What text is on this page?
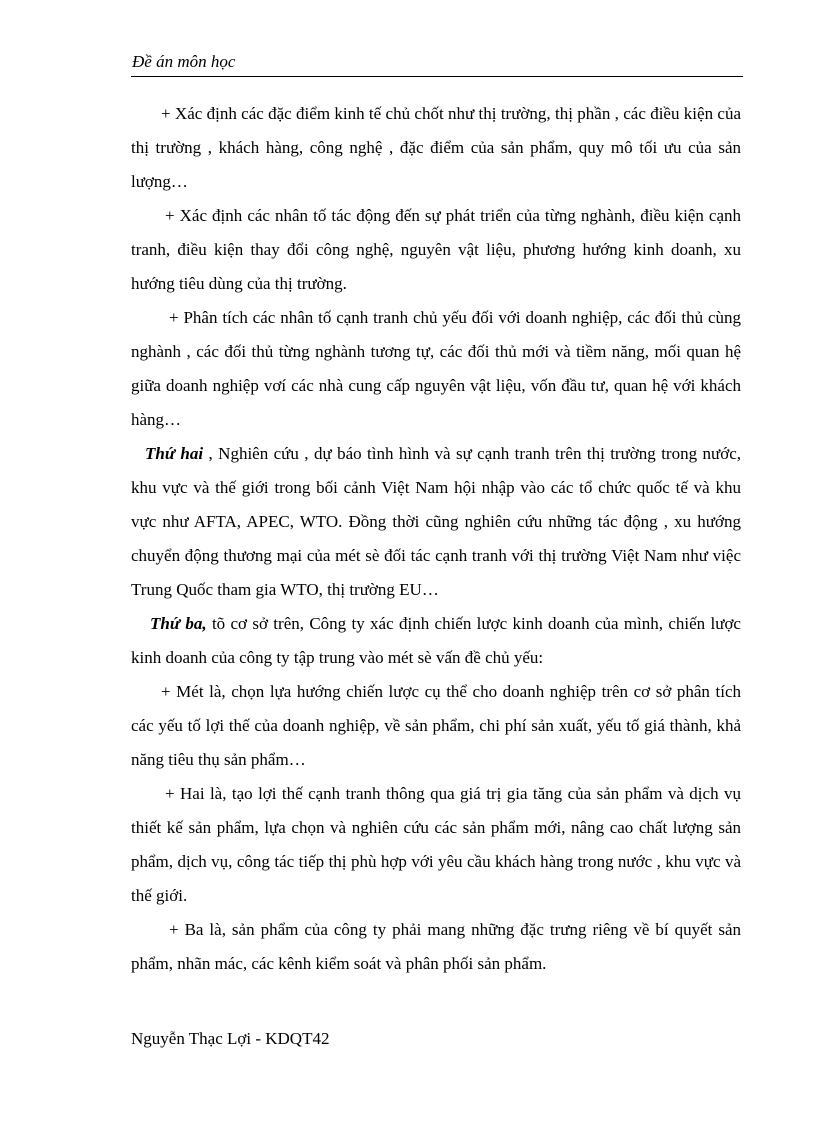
Đề án môn học

+ Xác định các đặc điểm kinh tế chủ chốt như thị trường, thị phần , các điều kiện của thị trường , khách hàng, công nghệ , đặc điểm của sản phẩm, quy mô tối ưu của sản lượng…

+ Xác định các nhân tố tác động đến sự phát triển của từng nghành, điều kiện cạnh tranh, điều kiện thay đổi công nghệ, nguyên vật liệu, phương hướng kinh doanh, xu hướng tiêu dùng của thị trường.

+ Phân tích các nhân tố cạnh tranh chủ yếu đối với doanh nghiệp, các đối thủ cùng nghành , các đối thủ từng nghành tương tự, các đối thủ mới và tiềm năng, mối quan hệ giữa doanh nghiệp vơí các nhà cung cấp nguyên vật liệu, vốn đầu tư, quan hệ với khách hàng…

Thứ hai , Nghiên cứu , dự báo tình hình và sự cạnh tranh trên thị trường trong nước, khu vực và thế giới trong bối cảnh Việt Nam hội nhập vào các tổ chức quốc tế và khu vực như AFTA, APEC, WTO. Đồng thời cũng nghiên cứu những tác động , xu hướng chuyển động thương mại của mét sè đối tác cạnh tranh với thị trường Việt Nam như việc Trung Quốc tham gia WTO, thị trường EU…

Thứ ba, tõ cơ sở trên, Công ty xác định chiến lược kinh doanh của mình, chiến lược kinh doanh của công ty tập trung vào mét sè vấn đề chủ yếu:

+ Mét là, chọn lựa hướng chiến lược cụ thể cho doanh nghiệp trên cơ sở phân tích các yếu tố lợi thế của doanh nghiệp, về sản phẩm, chi phí sản xuất, yếu tố giá thành, khả năng tiêu thụ sản phẩm…

+ Hai là, tạo lợi thế cạnh tranh thông qua giá trị gia tăng của sản phẩm và dịch vụ thiết kế sản phẩm, lựa chọn và nghiên cứu các sản phẩm mới, nâng cao chất lượng sản phẩm, dịch vụ, công tác tiếp thị phù hợp với yêu cầu khách hàng trong nước , khu vực và thế giới.

+ Ba là, sản phẩm của công ty phải mang những đặc trưng riêng về bí quyết sản phẩm, nhãn mác, các kênh kiểm soát và phân phối sản phẩm.

Nguyễn Thạc Lợi - KDQT42
